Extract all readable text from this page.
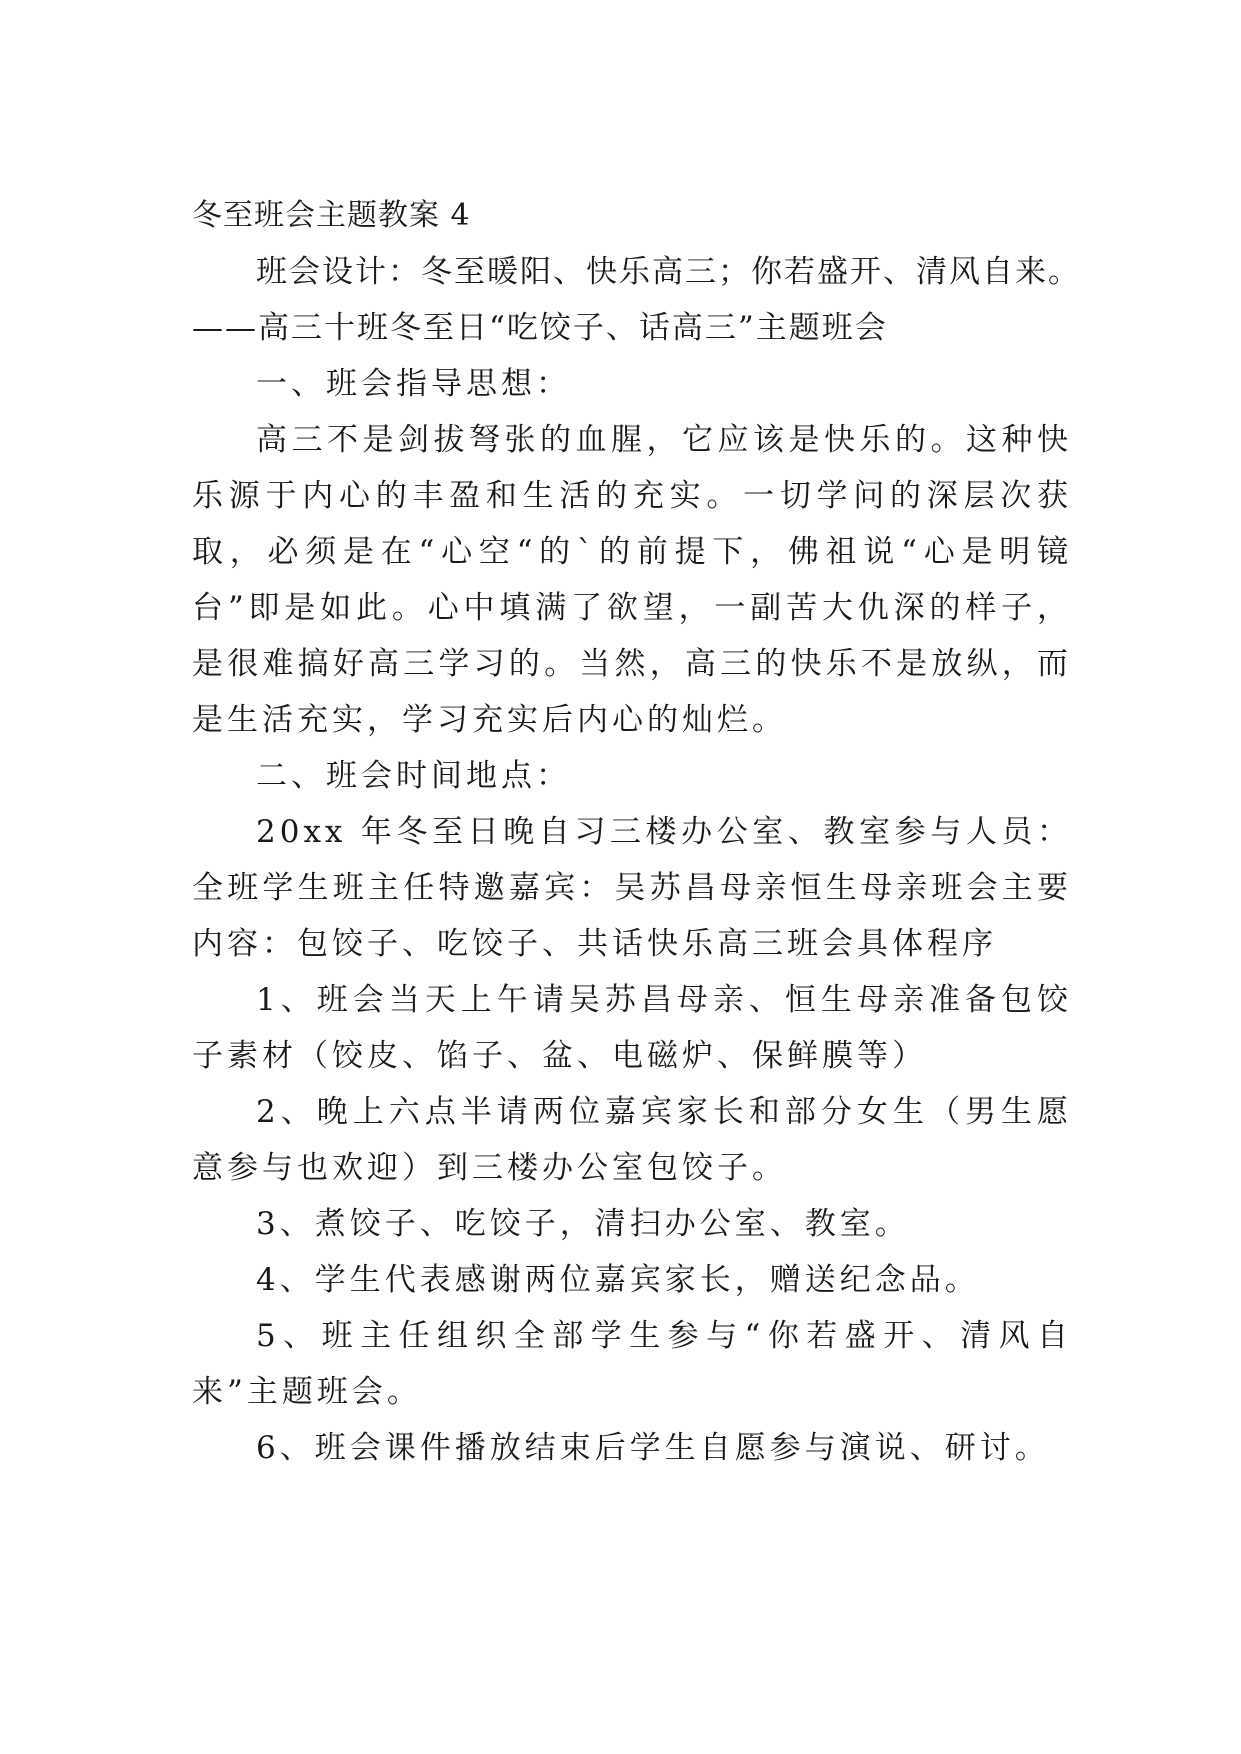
冬至班会主题教案 4

班会设计：冬至暖阳、快乐高三；你若盛开、清风自来。

——高三十班冬至日“吃饺子、话高三”主题班会

一、班会指导思想：

高三不是剑拔弩张的血腥，它应该是快乐的。这种快乐源于内心的丰盈和生活的充实。一切学问的深层次获取，必须是在“心空“的`的前提下，佛祖说“心是明镜台”即是如此。心中填满了欲望，一副苦大仇深的样子，是很难搞好高三学习的。当然，高三的快乐不是放纵，而是生活充实，学习充实后内心的灿烂。

二、班会时间地点：

20xx 年冬至日晚自习三楼办公室、教室参与人员：全班学生班主任特邀嘉宾：吴苏昌母亲恒生母亲班会主要内容：包饺子、吃饺子、共话快乐高三班会具体程序

1、班会当天上午请吴苏昌母亲、恒生母亲准备包饺子素材（饺皮、馅子、盆、电磁炉、保鲜膜等）

2、晚上六点半请两位嘉宾家长和部分女生（男生愿意参与也欢迎）到三楼办公室包饺子。

3、煮饺子、吃饺子，清扫办公室、教室。

4、学生代表感谢两位嘉宾家长，赠送纪念品。

5、班主任组织全部学生参与“你若盛开、清风自来”主题班会。

6、班会课件播放结束后学生自愿参与演说、研讨。
